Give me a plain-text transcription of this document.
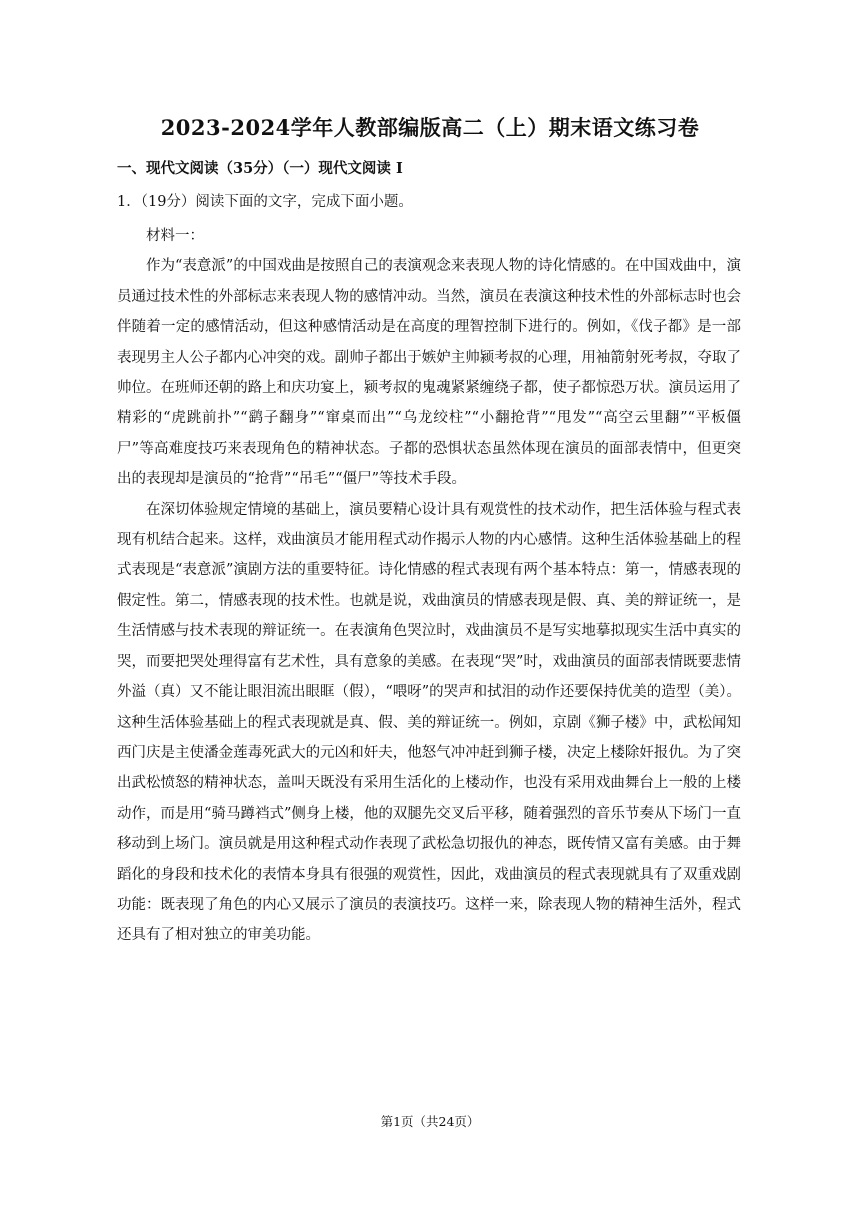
2023-2024学年人教部编版高二（上）期末语文练习卷
一、现代文阅读（35分）（一）现代文阅读 I
1．（19分）阅读下面的文字，完成下面小题。

材料一：

作为“表意派”的中国戏曲是按照自己的表演观念来表现人物的诗化情感的。在中国戏曲中，演员通过技术性的外部标志来表现人物的感情冲动。当然，演员在表演这种技术性的外部标志时也会伴随着一定的感情活动，但这种感情活动是在高度的理智控制下进行的。例如，《伐子都》是一部表现男主人公子都内心冲突的戏。副帅子都出于嫉妒主帅颍考叔的心理，用袖箭射死考叔，夺取了帅位。在班师还朝的路上和庆功宴上，颍考叔的鬼魂紧紧缠绕子都，使子都惊恐万状。演员运用了精彩的“虎跳前扑”“鹞子翻身”“窜桌而出”“乌龙绞柱”“小翻抢背”“甩发”“高空云里翻”“平板僵尸”等高难度技巧来表现角色的精神状态。子都的恐惧状态虽然体现在演员的面部表情中，但更突出的表现却是演员的“抢背”“吊毛”“僵尸”等技术手段。

在深切体验规定情境的基础上，演员要精心设计具有观赏性的技术动作，把生活体验与程式表现有机结合起来。这样，戏曲演员才能用程式动作揭示人物的内心感情。这种生活体验基础上的程式表现是“表意派”演剧方法的重要特征。诗化情感的程式表现有两个基本特点：第一，情感表现的假定性。第二，情感表现的技术性。也就是说，戏曲演员的情感表现是假、真、美的辩证统一，是生活情感与技术表现的辩证统一。在表演角色哭泣时，戏曲演员不是写实地摹拟现实生活中真实的哭，而要把哭处理得富有艺术性，具有意象的美感。在表现“哭”时，戏曲演员的面部表情既要悲情外溢（真）又不能让眼泪流出眼眶（假），“喂呀”的哭声和拭泪的动作还要保持优美的造型（美）。这种生活体验基础上的程式表现就是真、假、美的辩证统一。例如，京剧《狮子楼》中，武松闻知西门庆是主使潘金莲毒死武大的元凶和奸夫，他怒气冲冲赶到狮子楼，决定上楼除奸报仇。为了突出武松愤怒的精神状态，盖叫天既没有采用生活化的上楼动作，也没有采用戏曲舞台上一般的上楼动作，而是用“骑马蹲裆式”侧身上楼，他的双腿先交叉后平移，随着强烈的音乐节奏从下场门一直移动到上场门。演员就是用这种程式动作表现了武松急切报仇的神态，既传情又富有美感。由于舞蹈化的身段和技术化的表情本身具有很强的观赏性，因此，戏曲演员的程式表现就具有了双重戏剧功能：既表现了角色的内心又展示了演员的表演技巧。这样一来，除表现人物的精神生活外，程式还具有了相对独立的审美功能。

第1页（共24页）
